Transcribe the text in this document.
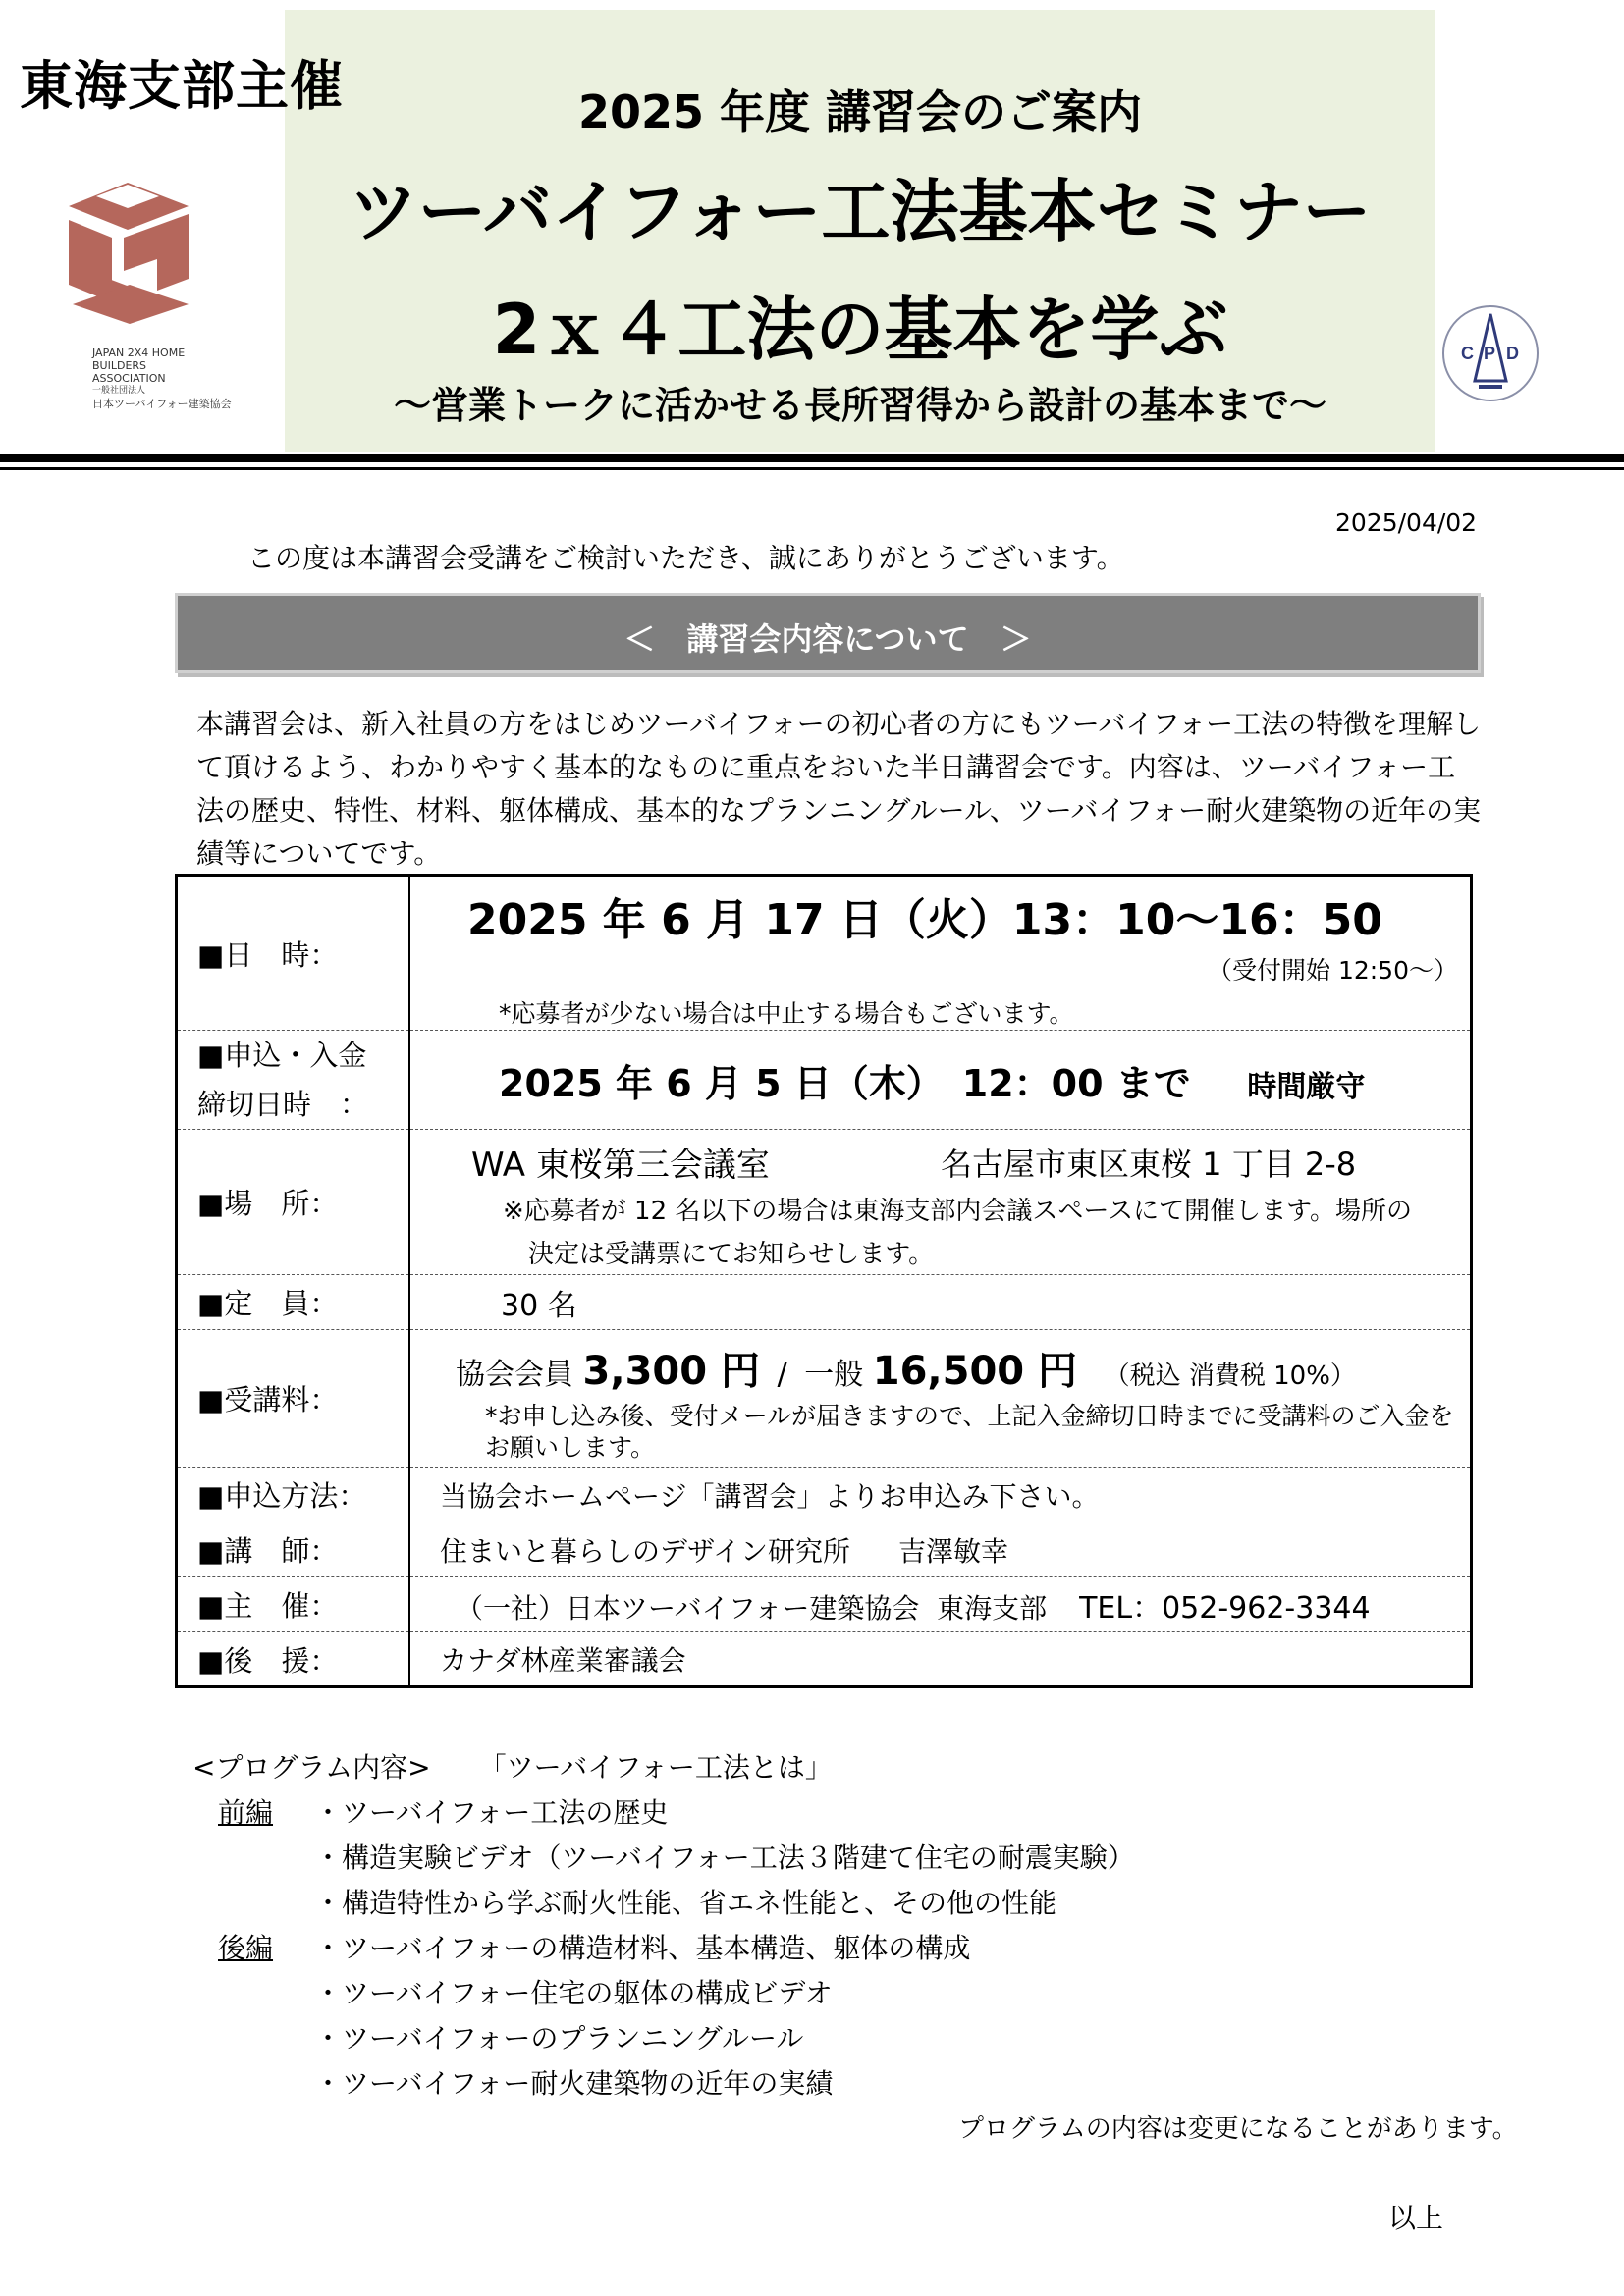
東海支部主催	2025 年度 講習会のご案内
ツーバイフォー工法基本セミナー
2ｘ４工法の基本を学ぶ
～営業トークに活かせる長所習得から設計の基本まで～
JAPAN 2X4 HOME
BUILDERS
ASSOCIATION
一般社団法人
日本ツーバイフォー建築協会
C P D
2025/04/02
この度は本講習会受講をご検討いただき、誠にありがとうございます。
＜　講習会内容について　＞
本講習会は、新入社員の方をはじめツーバイフォーの初心者の方にもツーバイフォー工法の特徴を理解して頂けるよう、わかりやすく基本的なものに重点をおいた半日講習会です。内容は、ツーバイフォー工法の歴史、特性、材料、躯体構成、基本的なプランニングルール、ツーバイフォー耐火建築物の近年の実績等についてです。
■日　時：	2025 年 6 月 17 日（火）13：10～16：50
（受付開始 12:50～）
*応募者が少ない場合は中止する場合もございます。

■申込・入金
締切日時　：	2025 年 6 月 5 日（木）　12：00 まで 時間厳守
■場　所：	WA 東桜第三会議室 名古屋市東区東桜 1 丁目 2-8
※応募者が 12 名以下の場合は東海支部内会議スペースにて開催します。場所の
決定は受講票にてお知らせします。

■定　員：	30 名
■受講料：	協会会員 3,300 円 / 一般 16,500 円 （税込 消費税 10%）
*お申し込み後、受付メールが届きますので、上記入金締切日時までに受講料のご入金をお願いします。

■申込方法：	当協会ホームページ「講習会」よりお申込み下さい。
■講　師：	住まいと暮らしのデザイン研究所 吉澤敏幸
■主　催：	（一社）日本ツーバイフォー建築協会  東海支部 TEL：052-962-3344
■後　援：	カナダ林産業審議会
<プログラム内容> 「ツーバイフォー工法とは」
前編 ・ツーバイフォー工法の歴史
・構造実験ビデオ（ツーバイフォー工法３階建て住宅の耐震実験）
・構造特性から学ぶ耐火性能、省エネ性能と、その他の性能
後編 ・ツーバイフォーの構造材料、基本構造、躯体の構成
・ツーバイフォー住宅の躯体の構成ビデオ
・ツーバイフォーのプランニングルール
・ツーバイフォー耐火建築物の近年の実績
プログラムの内容は変更になることがあります。
以上
